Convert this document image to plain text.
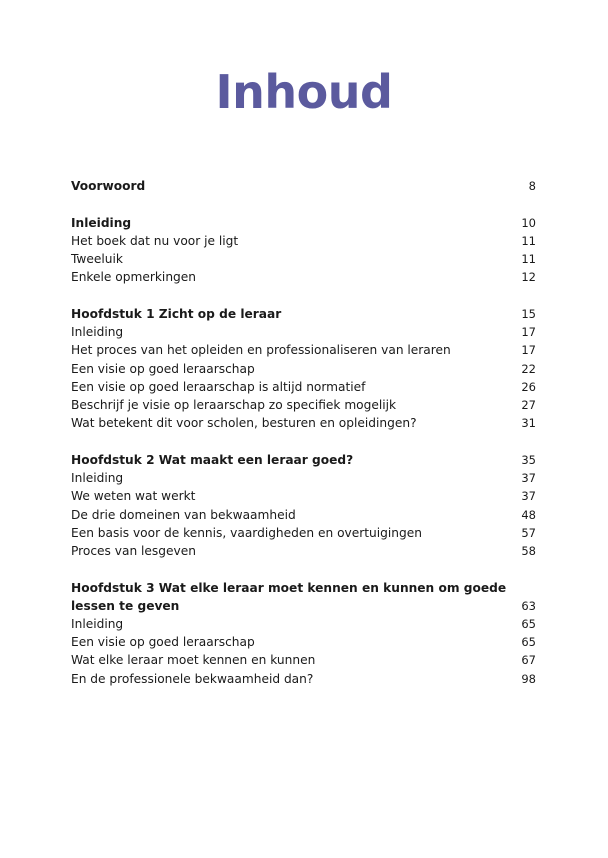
Inhoud
Voorwoord	8
Inleiding	10
Het boek dat nu voor je ligt	11
Tweeluik	11
Enkele opmerkingen	12
Hoofdstuk 1 Zicht op de leraar	15
Inleiding	17
Het proces van het opleiden en professionaliseren van leraren	17
Een visie op goed leraarschap	22
Een visie op goed leraarschap is altijd normatief	26
Beschrijf je visie op leraarschap zo specifiek mogelijk	27
Wat betekent dit voor scholen, besturen en opleidingen?	31
Hoofdstuk 2 Wat maakt een leraar goed?	35
Inleiding	37
We weten wat werkt	37
De drie domeinen van bekwaamheid	48
Een basis voor de kennis, vaardigheden en overtuigingen	57
Proces van lesgeven	58
Hoofdstuk 3 Wat elke leraar moet kennen en kunnen om goede
lessen te geven	63
Inleiding	65
Een visie op goed leraarschap	65
Wat elke leraar moet kennen en kunnen	67
En de professionele bekwaamheid dan?	98
